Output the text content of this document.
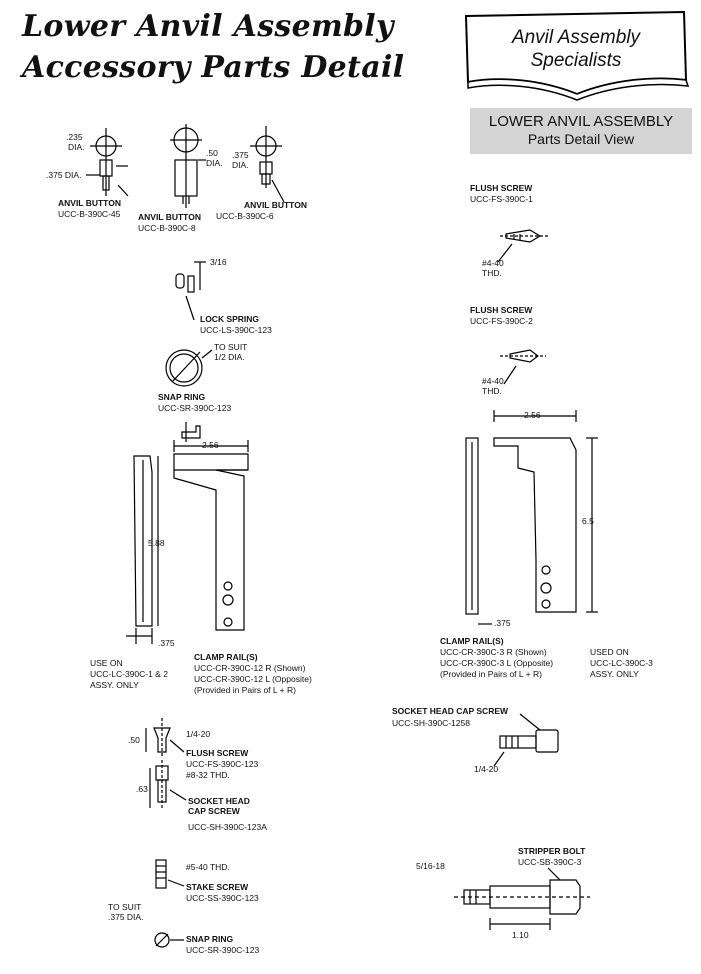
Lower Anvil Assembly
Accessory Parts Detail
Anvil Assembly
Specialists
LOWER ANVIL ASSEMBLY
Parts Detail View
.235
DIA.
.375 DIA.
ANVIL BUTTON
UCC-B-390C-45
.50
DIA.
ANVIL BUTTON
UCC-B-390C-8
.375
DIA.
ANVIL BUTTON
UCC-B-390C-6
3/16
LOCK SPRING
UCC-LS-390C-123
TO SUIT
1/2 DIA.
SNAP RING
UCC-SR-390C-123
FLUSH SCREW
UCC-FS-390C-1
#4-40
THD.
FLUSH SCREW
UCC-FS-390C-2
#4-40
THD.
2.56
5.88
.375
USE ON
UCC-LC-390C-1 & 2
ASSY. ONLY
CLAMP RAIL(S)
UCC-CR-390C-12 R (Shown)
UCC-CR-390C-12 L (Opposite)
(Provided in Pairs of L + R)
2.56
6.5
.375
CLAMP RAIL(S)
UCC-CR-390C-3 R (Shown)
UCC-CR-390C-3 L (Opposite)
(Provided in Pairs of L + R)
USED ON
UCC-LC-390C-3
ASSY. ONLY
SOCKET HEAD CAP SCREW
UCC-SH-390C-1258
1/4-20
.50
1/4-20
FLUSH SCREW
UCC-FS-390C-123
#8-32 THD.
.63
SOCKET HEAD
CAP SCREW
UCC-SH-390C-123A
#5-40 THD.
STAKE SCREW
UCC-SS-390C-123
TO SUIT
.375 DIA.
SNAP RING
UCC-SR-390C-123
STRIPPER BOLT
UCC-SB-390C-3
5/16-18
1.10
